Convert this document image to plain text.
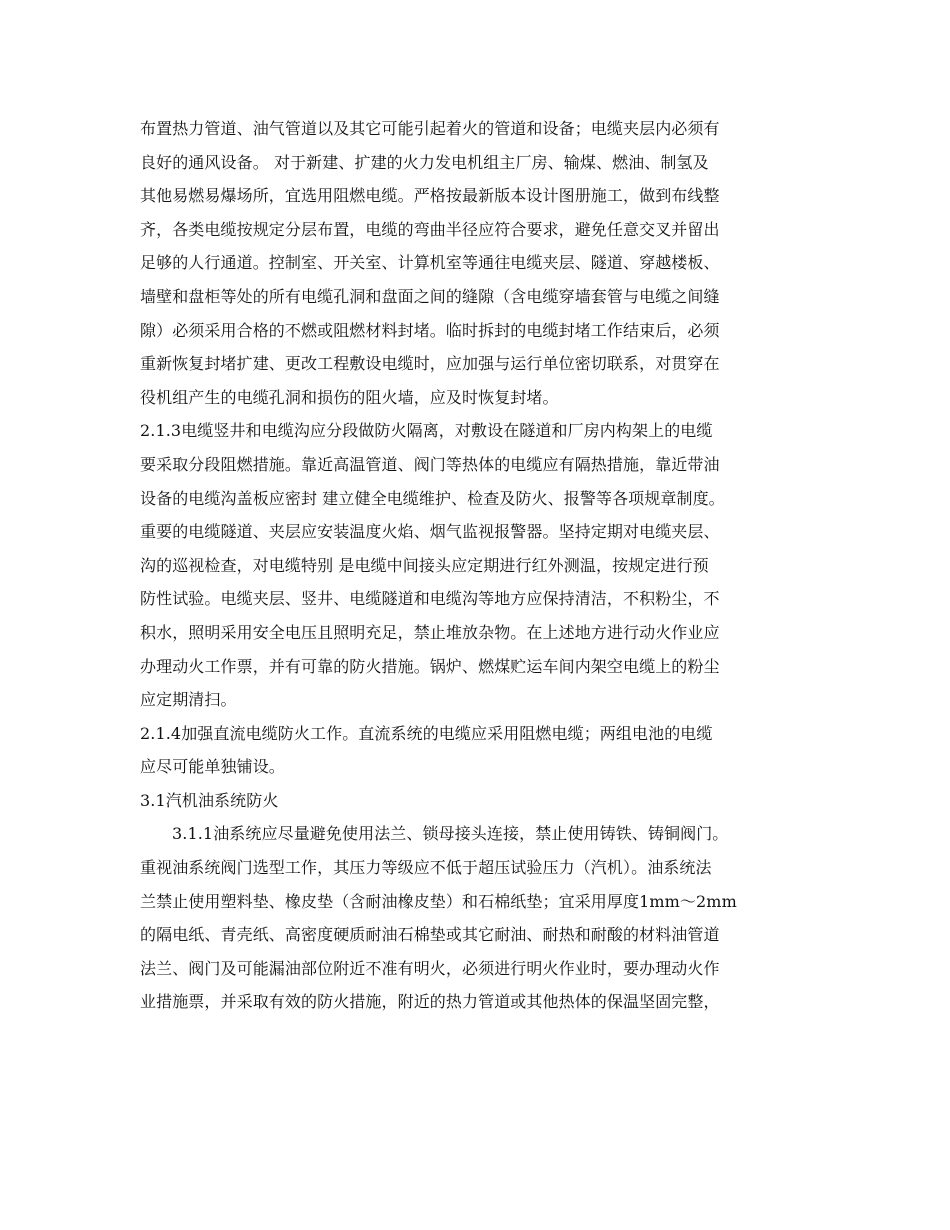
布置热力管道、油气管道以及其它可能引起着火的管道和设备；电缆夹层内必须有
良好的通风设备。 对于新建、扩建的火力发电机组主厂房、输煤、燃油、制氢及
其他易燃易爆场所，宜选用阻燃电缆。严格按最新版本设计图册施工，做到布线整
齐，各类电缆按规定分层布置，电缆的弯曲半径应符合要求，避免任意交叉并留出
足够的人行通道。控制室、开关室、计算机室等通往电缆夹层、隧道、穿越楼板、
墙壁和盘柜等处的所有电缆孔洞和盘面之间的缝隙（含电缆穿墙套管与电缆之间缝
隙）必须采用合格的不燃或阻燃材料封堵。临时拆封的电缆封堵工作结束后，必须
重新恢复封堵扩建、更改工程敷设电缆时，应加强与运行单位密切联系，对贯穿在
役机组产生的电缆孔洞和损伤的阻火墙，应及时恢复封堵。
2.1.3电缆竖井和电缆沟应分段做防火隔离，对敷设在隧道和厂房内构架上的电缆
要采取分段阻燃措施。靠近高温管道、阀门等热体的电缆应有隔热措施，靠近带油
设备的电缆沟盖板应密封 建立健全电缆维护、检查及防火、报警等各项规章制度。
重要的电缆隧道、夹层应安装温度火焰、烟气监视报警器。坚持定期对电缆夹层、
沟的巡视检查，对电缆特别 是电缆中间接头应定期进行红外测温，按规定进行预
防性试验。电缆夹层、竖井、电缆隧道和电缆沟等地方应保持清洁，不积粉尘，不
积水，照明采用安全电压且照明充足，禁止堆放杂物。在上述地方进行动火作业应
办理动火工作票，并有可靠的防火措施。锅炉、燃煤贮运车间内架空电缆上的粉尘
应定期清扫。
2.1.4加强直流电缆防火工作。直流系统的电缆应采用阻燃电缆；两组电池的电缆
应尽可能单独铺设。
3.1汽机油系统防火
3.1.1油系统应尽量避免使用法兰、锁母接头连接，禁止使用铸铁、铸铜阀门。
重视油系统阀门选型工作，其压力等级应不低于超压试验压力（汽机）。油系统法
兰禁止使用塑料垫、橡皮垫（含耐油橡皮垫）和石棉纸垫；宜采用厚度1mm～2mm
的隔电纸、青壳纸、高密度硬质耐油石棉垫或其它耐油、耐热和耐酸的材料油管道
法兰、阀门及可能漏油部位附近不准有明火，必须进行明火作业时，要办理动火作
业措施票，并采取有效的防火措施，附近的热力管道或其他热体的保温坚固完整，
